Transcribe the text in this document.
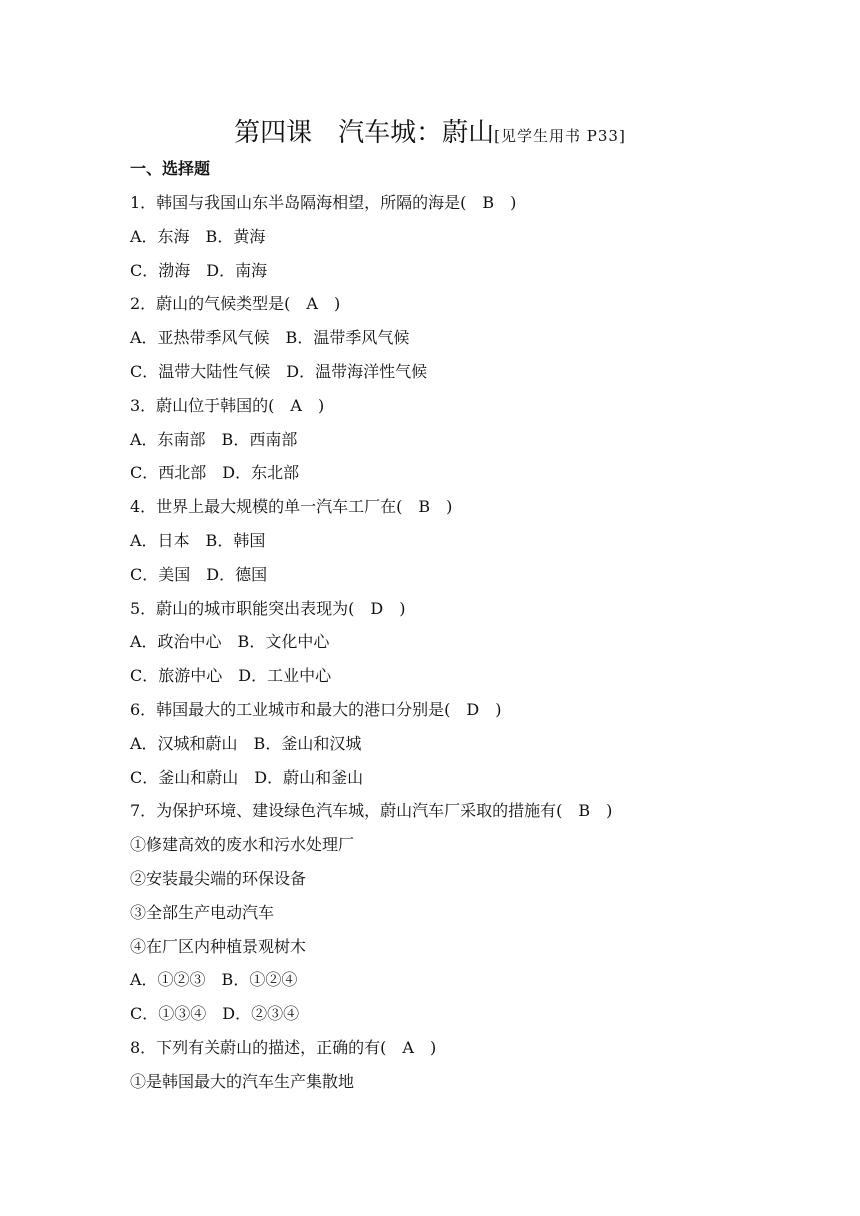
第四课　汽车城：蔚山[见学生用书 P33]
一、选择题
1．韩国与我国山东半岛隔海相望，所隔的海是(　B　)
A．东海　B．黄海
C．渤海　D．南海
2．蔚山的气候类型是(　A　)
A．亚热带季风气候　B．温带季风气候
C．温带大陆性气候　D．温带海洋性气候
3．蔚山位于韩国的(　A　)
A．东南部　B．西南部
C．西北部　D．东北部
4．世界上最大规模的单一汽车工厂在(　B　)
A．日本　B．韩国
C．美国　D．德国
5．蔚山的城市职能突出表现为(　D　)
A．政治中心　B．文化中心
C．旅游中心　D．工业中心
6．韩国最大的工业城市和最大的港口分别是(　D　)
A．汉城和蔚山　B．釜山和汉城
C．釜山和蔚山　D．蔚山和釜山
7．为保护环境、建设绿色汽车城，蔚山汽车厂采取的措施有(　B　)
①修建高效的废水和污水处理厂
②安装最尖端的环保设备
③全部生产电动汽车
④在厂区内种植景观树木
A．①②③　B．①②④
C．①③④　D．②③④
8．下列有关蔚山的描述，正确的有(　A　)
①是韩国最大的汽车生产集散地
